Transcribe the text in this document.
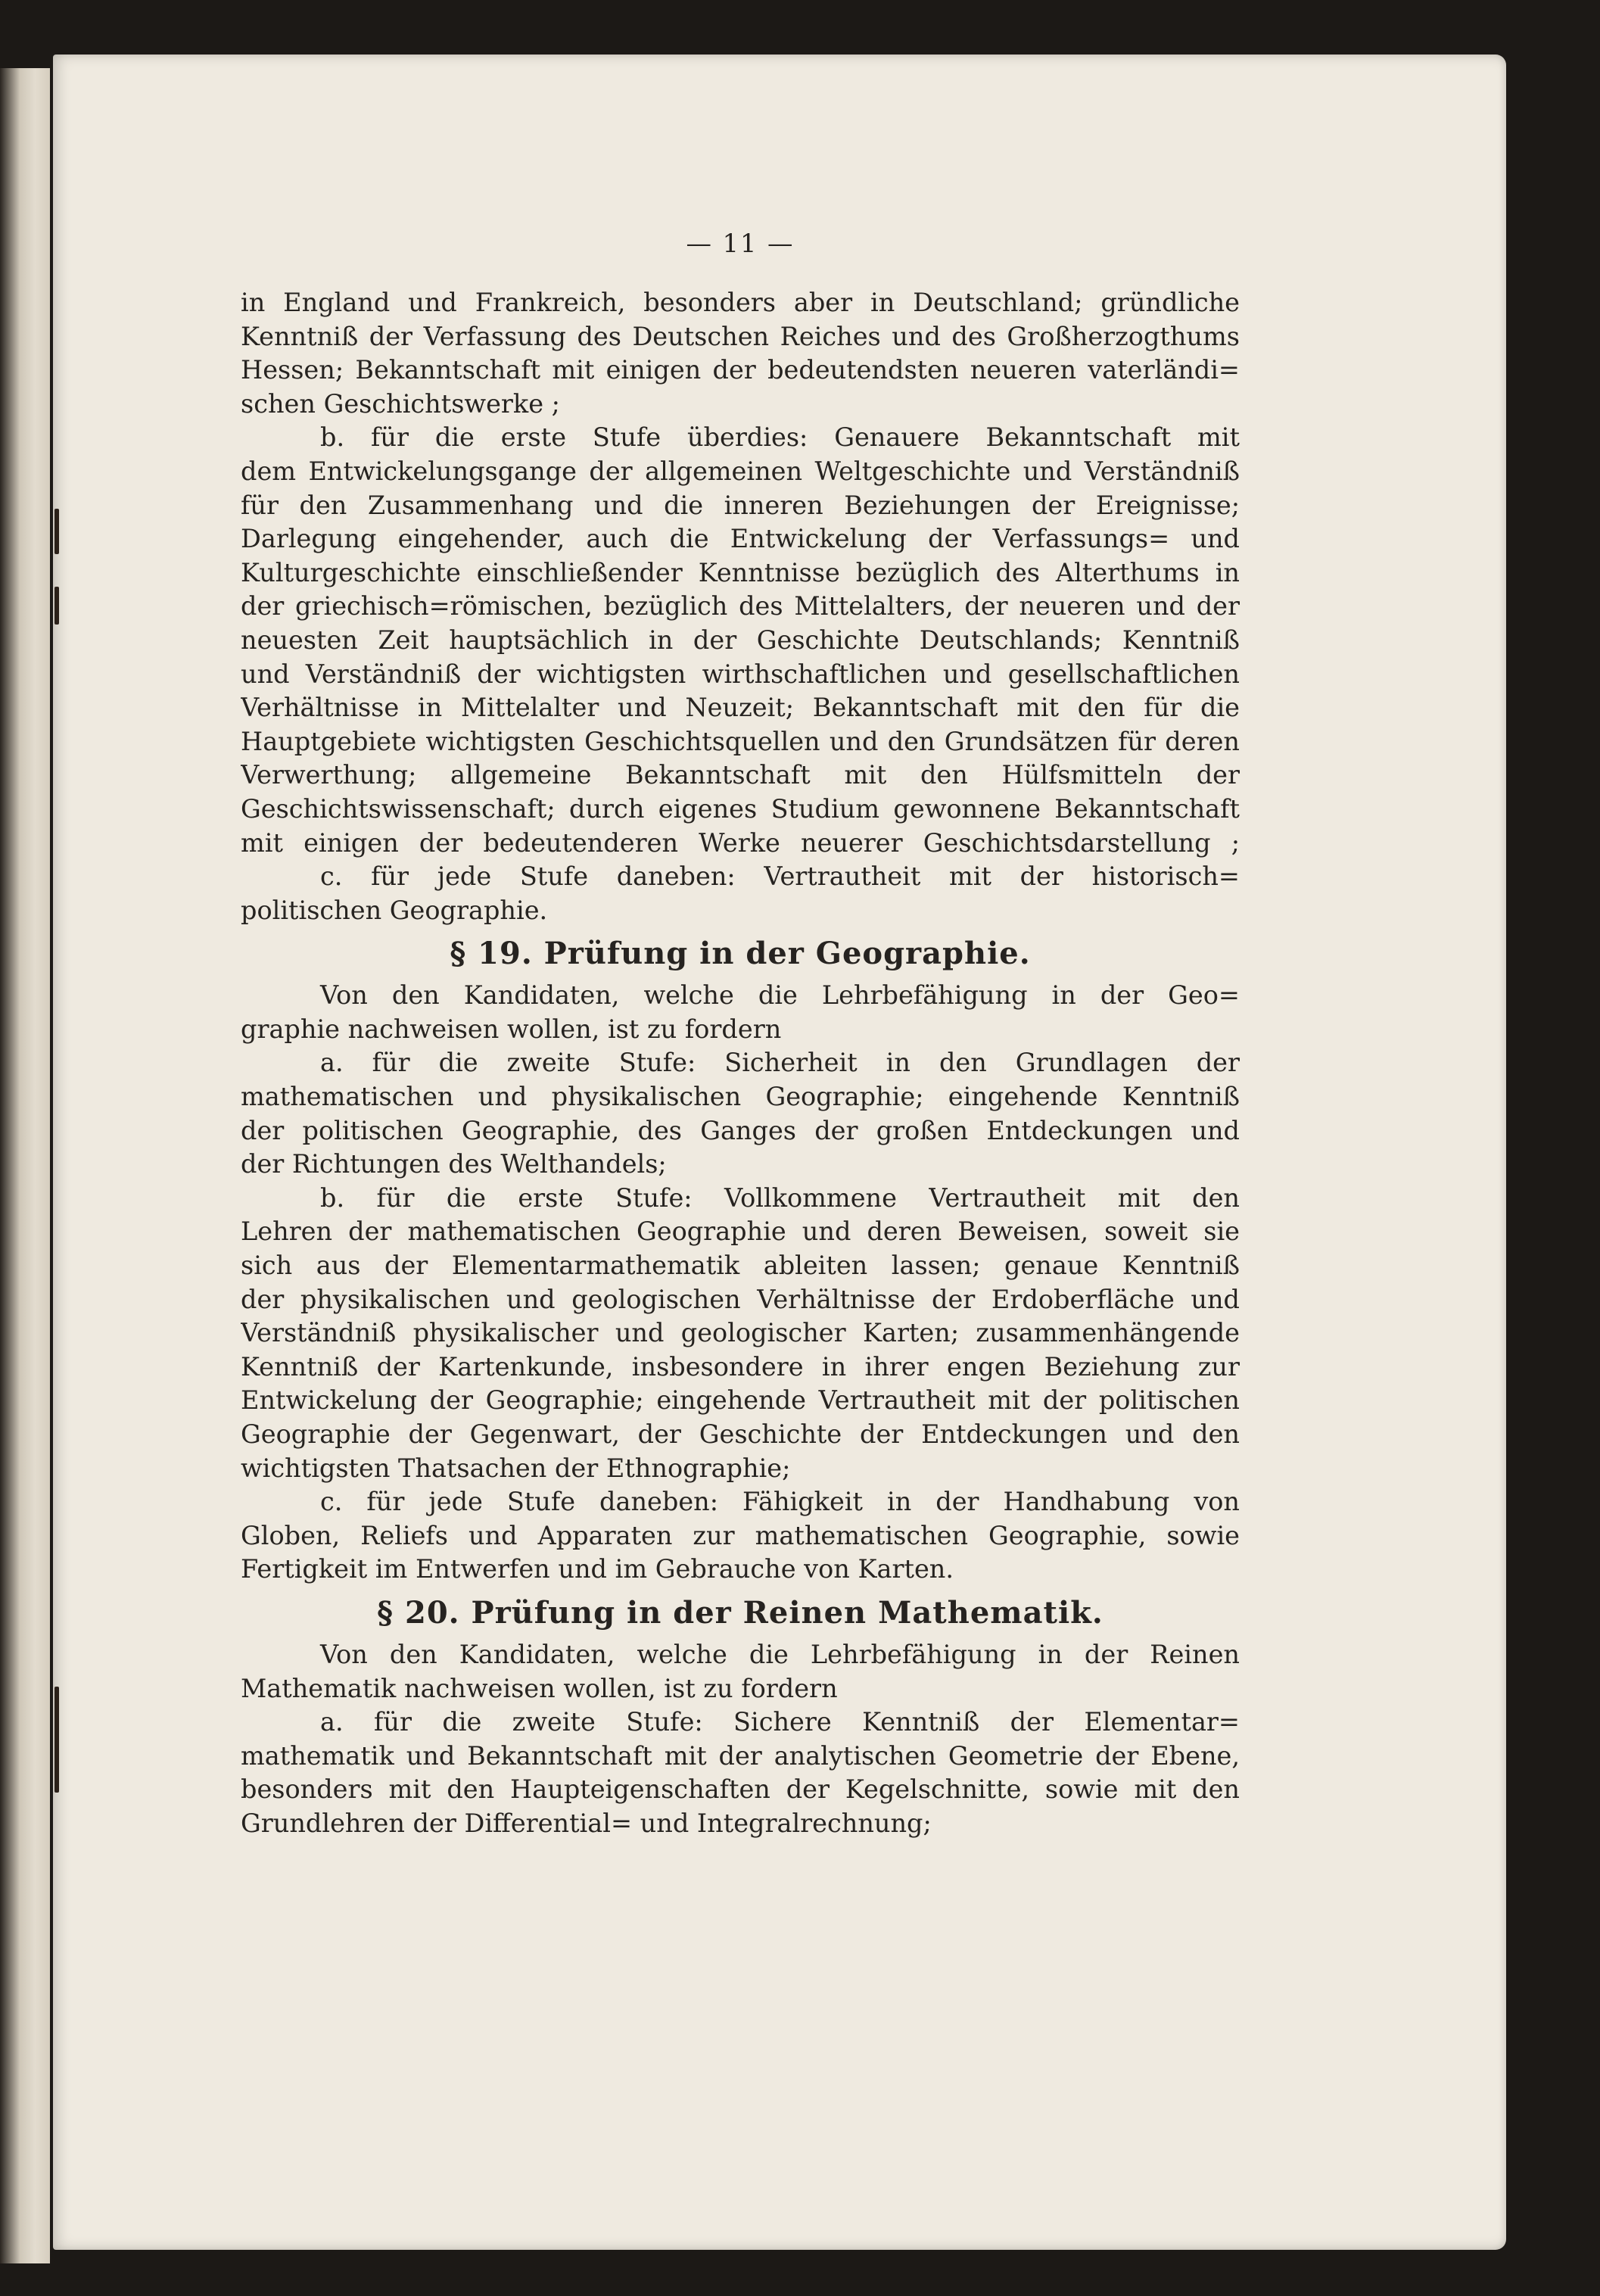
— 11 —
in England und Frankreich, besonders aber in Deutschland; gründliche
Kenntniß der Verfassung des Deutschen Reiches und des Großherzogthums
Hessen; Bekanntschaft mit einigen der bedeutendsten neueren vaterländi=
schen Geschichtswerke ;
b. für die erste Stufe überdies: Genauere Bekanntschaft mit
dem Entwickelungsgange der allgemeinen Weltgeschichte und Verständniß
für den Zusammenhang und die inneren Beziehungen der Ereignisse;
Darlegung eingehender, auch die Entwickelung der Verfassungs= und
Kulturgeschichte einschließender Kenntnisse bezüglich des Alterthums in
der griechisch=römischen, bezüglich des Mittelalters, der neueren und der
neuesten Zeit hauptsächlich in der Geschichte Deutschlands; Kenntniß
und Verständniß der wichtigsten wirthschaftlichen und gesellschaftlichen
Verhältnisse in Mittelalter und Neuzeit; Bekanntschaft mit den für die
Hauptgebiete wichtigsten Geschichtsquellen und den Grundsätzen für deren
Verwerthung; allgemeine Bekanntschaft mit den Hülfsmitteln der
Geschichtswissenschaft; durch eigenes Studium gewonnene Bekanntschaft
mit einigen der bedeutenderen Werke neuerer Geschichtsdarstellung ;
c. für jede Stufe daneben: Vertrautheit mit der historisch=
politischen Geographie.
§ 19. Prüfung in der Geographie.
Von den Kandidaten, welche die Lehrbefähigung in der Geo=
graphie nachweisen wollen, ist zu fordern
a. für die zweite Stufe: Sicherheit in den Grundlagen der
mathematischen und physikalischen Geographie; eingehende Kenntniß
der politischen Geographie, des Ganges der großen Entdeckungen und
der Richtungen des Welthandels;
b. für die erste Stufe: Vollkommene Vertrautheit mit den
Lehren der mathematischen Geographie und deren Beweisen, soweit sie
sich aus der Elementarmathematik ableiten lassen; genaue Kenntniß
der physikalischen und geologischen Verhältnisse der Erdoberfläche und
Verständniß physikalischer und geologischer Karten; zusammenhängende
Kenntniß der Kartenkunde, insbesondere in ihrer engen Beziehung zur
Entwickelung der Geographie; eingehende Vertrautheit mit der politischen
Geographie der Gegenwart, der Geschichte der Entdeckungen und den
wichtigsten Thatsachen der Ethnographie;
c. für jede Stufe daneben: Fähigkeit in der Handhabung von
Globen, Reliefs und Apparaten zur mathematischen Geographie, sowie
Fertigkeit im Entwerfen und im Gebrauche von Karten.
§ 20. Prüfung in der Reinen Mathematik.
Von den Kandidaten, welche die Lehrbefähigung in der Reinen
Mathematik nachweisen wollen, ist zu fordern
a. für die zweite Stufe: Sichere Kenntniß der Elementar=
mathematik und Bekanntschaft mit der analytischen Geometrie der Ebene,
besonders mit den Haupteigenschaften der Kegelschnitte, sowie mit den
Grundlehren der Differential= und Integralrechnung;
